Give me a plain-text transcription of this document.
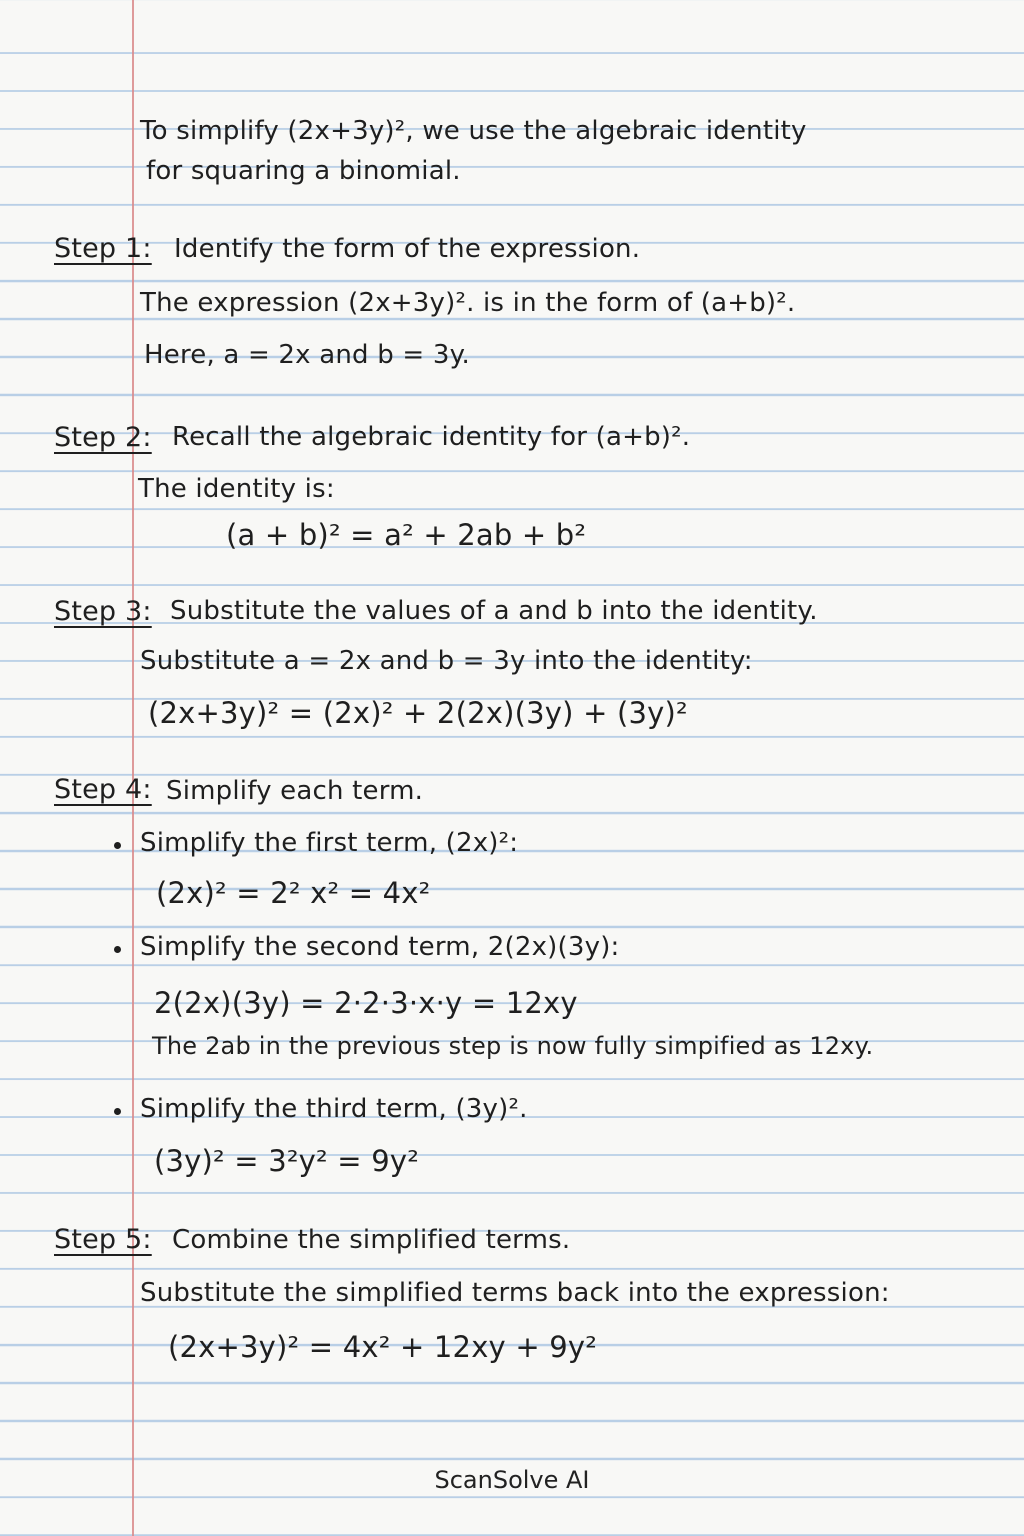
To simplify (2x+3y)², we use the algebraic identity
for squaring a binomial.
Step 1: Identify the form of the expression.
The expression (2x+3y)². is in the form of (a+b)².
Here, a = 2x and b = 3y.
Step 2: Recall the algebraic identity for (a+b)².
The identity is:
(a + b)² = a² + 2ab + b²
Step 3: Substitute the values of a and b into the identity.
Substitute a = 2x and b = 3y into the identity:
(2x+3y)² = (2x)² + 2(2x)(3y) + (3y)²
Step 4: Simplify each term.
Simplify the first term, (2x)²:
(2x)² = 2² x² = 4x²
Simplify the second term, 2(2x)(3y):
2(2x)(3y) = 2·2·3·x·y = 12xy
The 2ab in the previous step is now fully simpified as 12xy.
Simplify the third term, (3y)².
(3y)² = 3²y² = 9y²
Step 5: Combine the simplified terms.
Substitute the simplified terms back into the expression:
(2x+3y)² = 4x² + 12xy + 9y²
ScanSolve AI
